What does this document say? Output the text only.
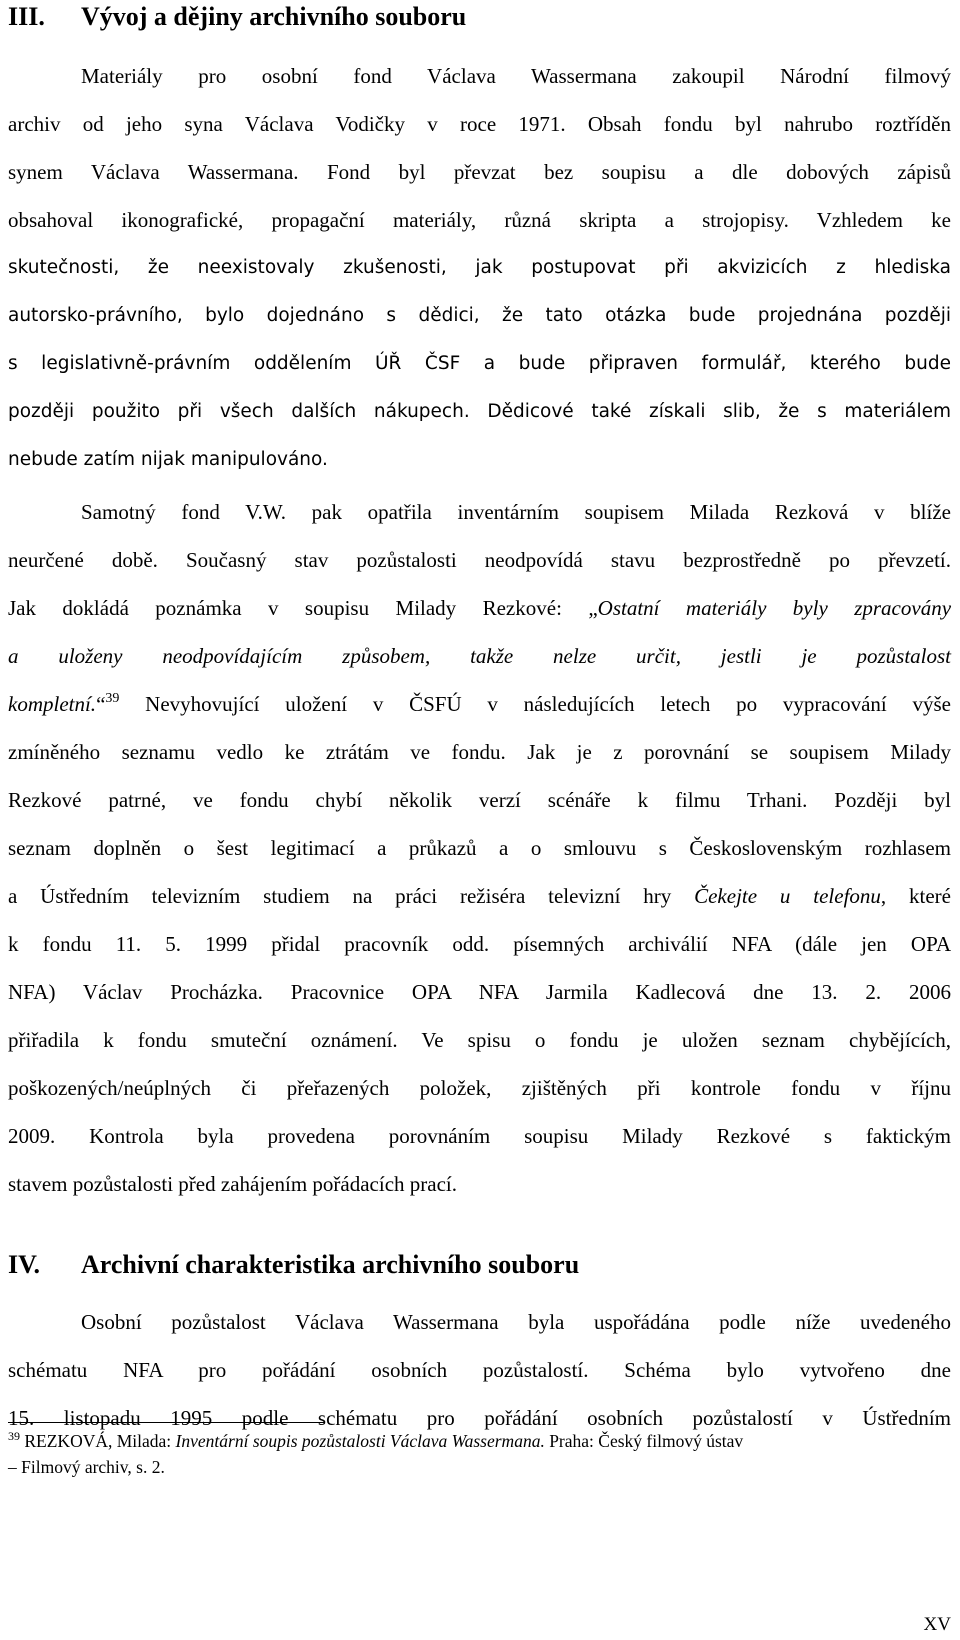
III. Vývoj a dějiny archivního souboru
Materiály pro osobní fond Václava Wassermana zakoupil Národní filmový
archiv od jeho syna Václava Vodičky v roce 1971. Obsah fondu byl nahrubo roztříděn
synem Václava Wassermana. Fond byl převzat bez soupisu a dle dobových zápisů
obsahoval ikonografické, propagační materiály, různá skripta a strojopisy. Vzhledem ke
skutečnosti, že neexistovaly zkušenosti, jak postupovat při akvizicích z hlediska
autorsko-právního, bylo dojednáno s dědici, že tato otázka bude projednána později
s legislativně-právním oddělením ÚŘ ČSF a bude připraven formulář, kterého bude
později použito při všech dalších nákupech. Dědicové také získali slib, že s materiálem
nebude zatím nijak manipulováno.
Samotný fond V.W. pak opatřila inventárním soupisem Milada Rezková v blíže
neurčené době. Současný stav pozůstalosti neodpovídá stavu bezprostředně po převzetí.
Jak dokládá poznámka v soupisu Milady Rezkové: „Ostatní materiály byly zpracovány
a uloženy neodpovídajícím způsobem, takže nelze určit, jestli je pozůstalost
kompletní.“$^{39}$ Nevyhovující uložení v ČSFÚ v následujících letech po vypracování výše
zmíněného seznamu vedlo ke ztrátám ve fondu. Jak je z porovnání se soupisem Milady
Rezkové patrné, ve fondu chybí několik verzí scénáře k filmu Trhani. Později byl
seznam doplněn o šest legitimací a průkazů a o smlouvu s Československým rozhlasem
a Ústředním televizním studiem na práci režiséra televizní hry Čekejte u telefonu, které
k fondu 11. 5. 1999 přidal pracovník odd. písemných archiválií NFA (dále jen OPA
NFA) Václav Procházka. Pracovnice OPA NFA Jarmila Kadlecová dne 13. 2. 2006
přiřadila k fondu smuteční oznámení. Ve spisu o fondu je uložen seznam chybějících,
poškozených/neúplných či přeřazených položek, zjištěných při kontrole fondu v říjnu
2009. Kontrola byla provedena porovnáním soupisu Milady Rezkové s faktickým
stavem pozůstalosti před zahájením pořádacích prací.
IV. Archivní charakteristika archivního souboru
Osobní pozůstalost Václava Wassermana byla uspořádána podle níže uvedeného
schématu NFA pro pořádání osobních pozůstalostí. Schéma bylo vytvořeno dne
15. listopadu 1995 podle schématu pro pořádání osobních pozůstalostí v Ústředním
$^{39}$ REZKOVÁ, Milada: Inventární soupis pozůstalosti Václava Wassermana. Praha: Český filmový ústav
– Filmový archiv, s. 2.
XV
